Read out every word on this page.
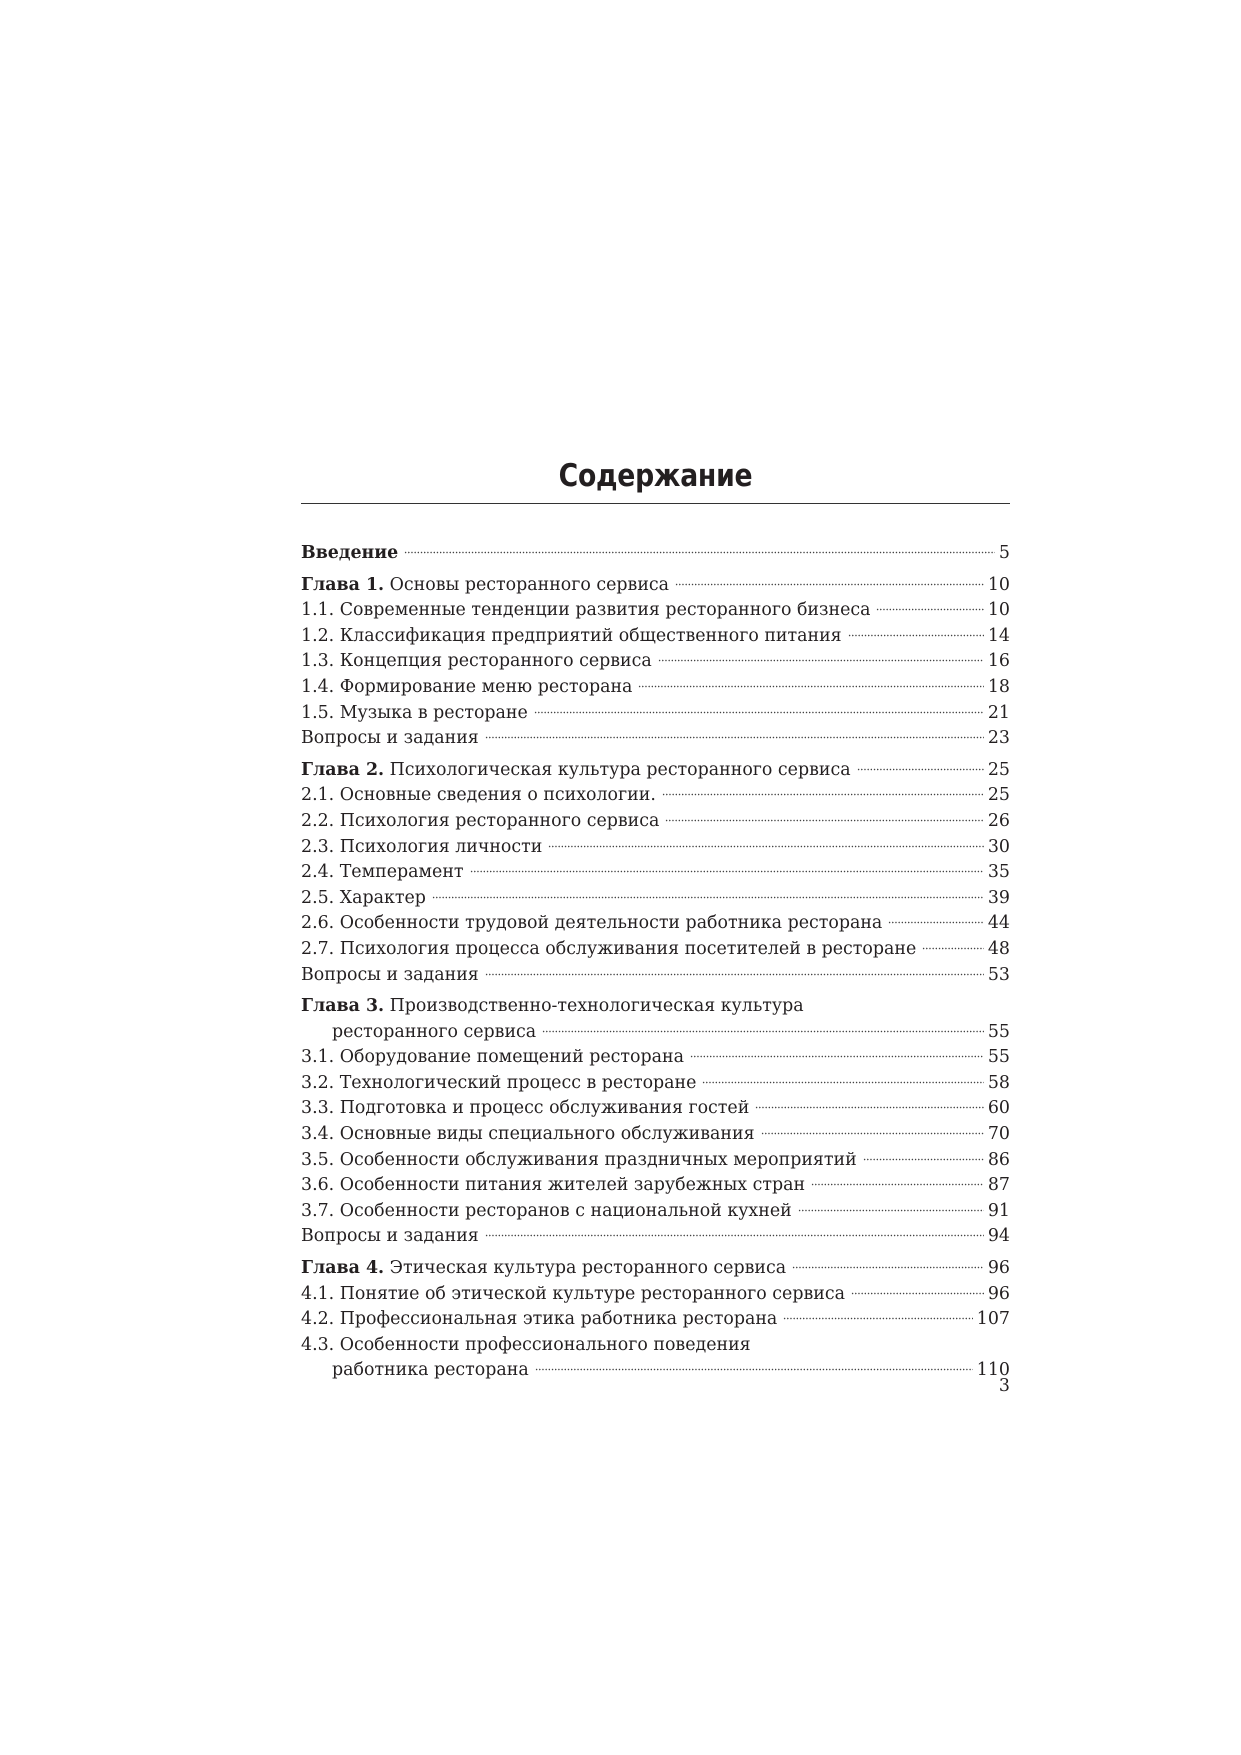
Содержание
Введение	5
Глава 1. Основы ресторанного сервиса	10
1.1. Современные тенденции развития ресторанного бизнеса	10
1.2. Классификация предприятий общественного питания	14
1.3. Концепция ресторанного сервиса	16
1.4. Формирование меню ресторана	18
1.5. Музыка в ресторане	21
Вопросы и задания	23
Глава 2. Психологическая культура ресторанного сервиса	25
2.1. Основные сведения о психологии.	25
2.2. Психология ресторанного сервиса	26
2.3. Психология личности	30
2.4. Темперамент	35
2.5. Характер	39
2.6. Особенности трудовой деятельности работника ресторана	44
2.7. Психология процесса обслуживания посетителей в ресторане	48
Вопросы и задания	53
Глава 3. Производственно-технологическая культура
ресторанного сервиса	55
3.1. Оборудование помещений ресторана	55
3.2. Технологический процесс в ресторане	58
3.3. Подготовка и процесс обслуживания гостей	60
3.4. Основные виды специального обслуживания	70
3.5. Особенности обслуживания праздничных мероприятий	86
3.6. Особенности питания жителей зарубежных стран	87
3.7. Особенности ресторанов с национальной кухней	91
Вопросы и задания	94
Глава 4. Этическая культура ресторанного сервиса	96
4.1. Понятие об этической культуре ресторанного сервиса	96
4.2. Профессиональная этика работника ресторана	107
4.3. Особенности профессионального поведения
работника ресторана	110
3
